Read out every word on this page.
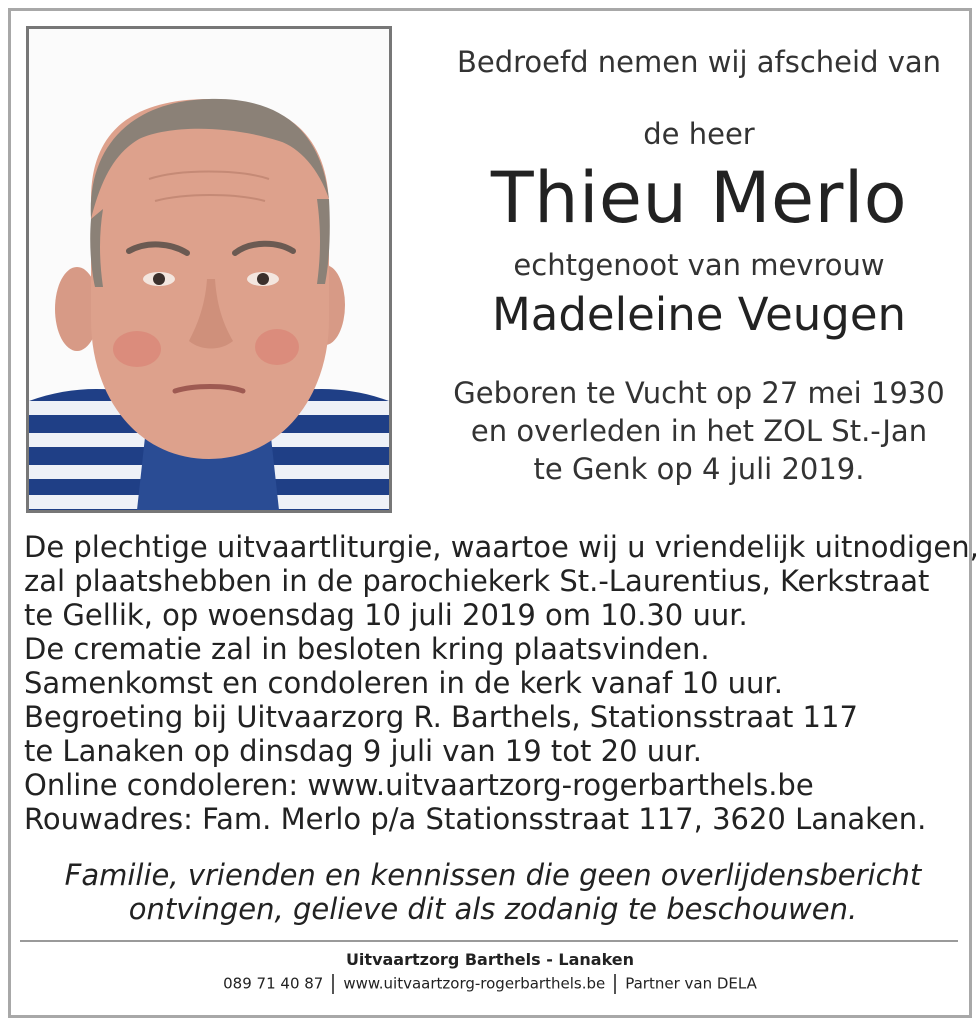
Bedroefd nemen wij afscheid van
de heer
Thieu Merlo
echtgenoot van mevrouw
Madeleine Veugen
Geboren te Vucht op 27 mei 1930
en overleden in het ZOL St.-Jan
te Genk op 4 juli 2019.
De plechtige uitvaartliturgie, waartoe wij u vriendelijk uitnodigen,
zal plaatshebben in de parochiekerk St.-Laurentius, Kerkstraat
te Gellik, op woensdag 10 juli 2019 om 10.30 uur.
De crematie zal in besloten kring plaatsvinden.
Samenkomst en condoleren in de kerk vanaf 10 uur.
Begroeting bij Uitvaarzorg R. Barthels, Stationsstraat 117
te Lanaken op dinsdag 9 juli van 19 tot 20 uur.
Online condoleren: www.uitvaartzorg-rogerbarthels.be
Rouwadres: Fam. Merlo p/a Stationsstraat 117, 3620 Lanaken.
Familie, vrienden en kennissen die geen overlijdensbericht
ontvingen, gelieve dit als zodanig te beschouwen.
Uitvaartzorg Barthels - Lanaken
089 71 40 87 www.uitvaartzorg-rogerbarthels.be Partner van DELA
